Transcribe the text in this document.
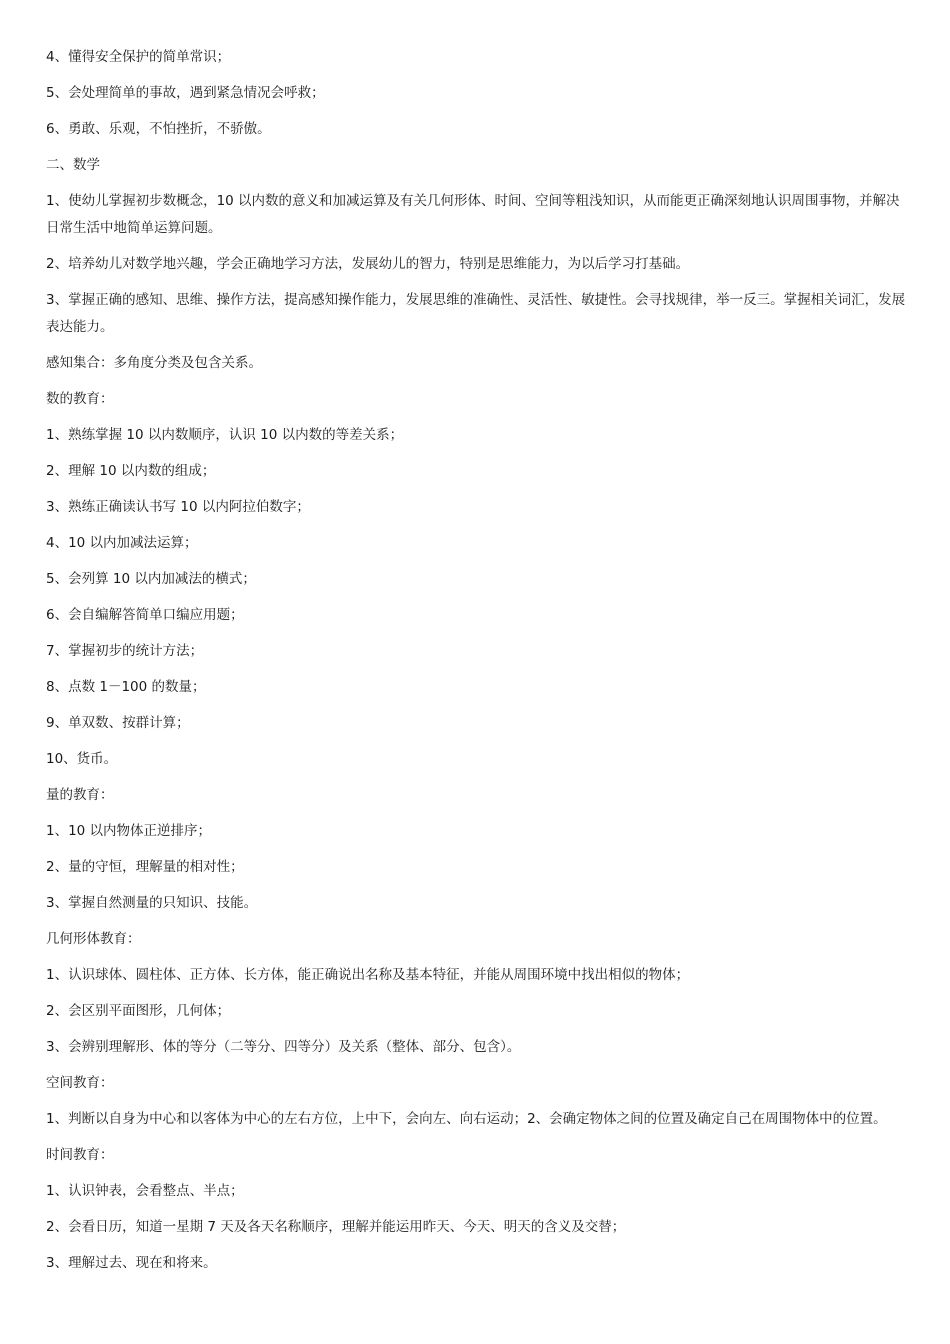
4、懂得安全保护的简单常识；

5、会处理简单的事故，遇到紧急情况会呼救；

6、勇敢、乐观，不怕挫折，不骄傲。

二、数学

1、使幼儿掌握初步数概念，10 以内数的意义和加减运算及有关几何形体、时间、空间等粗浅知识，从而能更正确深刻地认识周围事物，并解决日常生活中地简单运算问题。

2、培养幼儿对数学地兴趣，学会正确地学习方法，发展幼儿的智力，特别是思维能力，为以后学习打基础。

3、掌握正确的感知、思维、操作方法，提高感知操作能力，发展思维的准确性、灵活性、敏捷性。会寻找规律，举一反三。掌握相关词汇，发展表达能力。

感知集合：多角度分类及包含关系。

数的教育：

1、熟练掌握 10 以内数顺序，认识 10 以内数的等差关系；

2、理解 10 以内数的组成；

3、熟练正确读认书写 10 以内阿拉伯数字；

4、10 以内加减法运算；

5、会列算 10 以内加减法的横式；

6、会自编解答简单口编应用题；

7、掌握初步的统计方法；

8、点数 1－100 的数量；

9、单双数、按群计算；

10、货币。

量的教育：

1、10 以内物体正逆排序；

2、量的守恒，理解量的相对性；

3、掌握自然测量的只知识、技能。

几何形体教育：

1、认识球体、圆柱体、正方体、长方体，能正确说出名称及基本特征，并能从周围环境中找出相似的物体；

2、会区别平面图形，几何体；

3、会辨别理解形、体的等分（二等分、四等分）及关系（整体、部分、包含）。

空间教育：

1、判断以自身为中心和以客体为中心的左右方位，上中下，会向左、向右运动；2、会确定物体之间的位置及确定自己在周围物体中的位置。

时间教育：

1、认识钟表，会看整点、半点；

2、会看日历，知道一星期 7 天及各天名称顺序，理解并能运用昨天、今天、明天的含义及交替；

3、理解过去、现在和将来。
